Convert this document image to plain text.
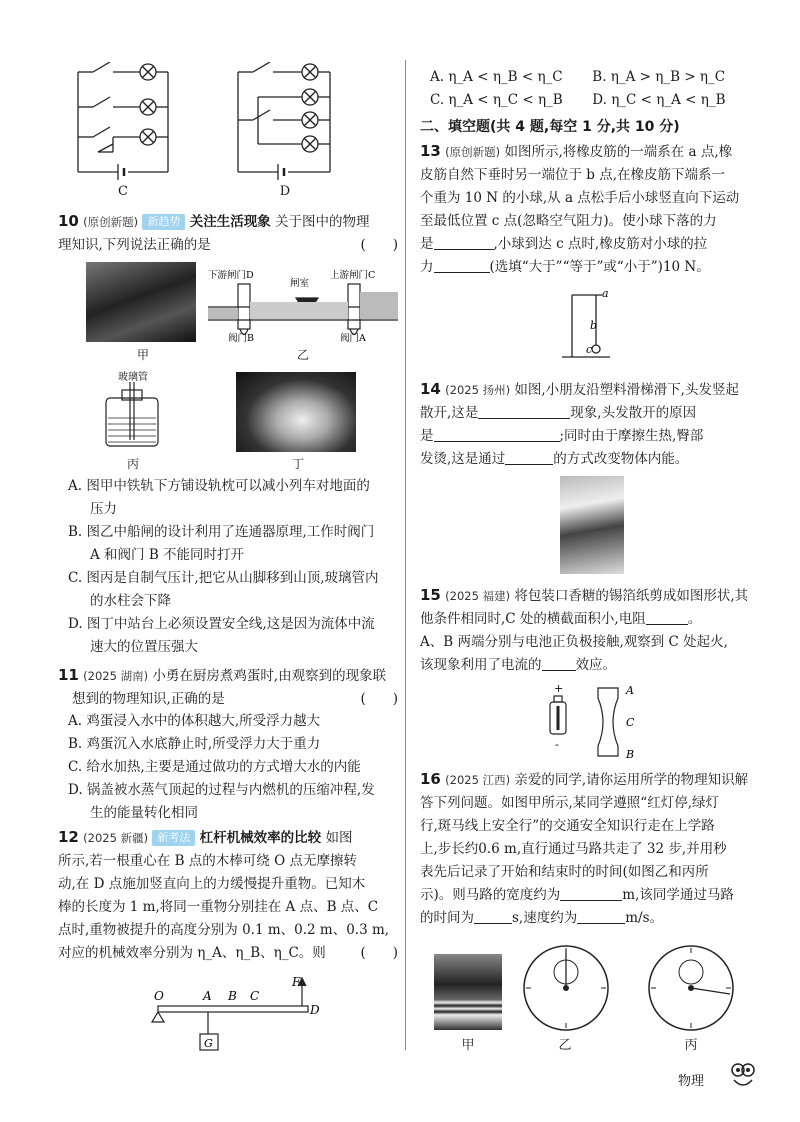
C	D
10 (原创新题) 新趋势 关注生活现象 关于图中的物理
理知识,下列说法正确的是	(　　)
甲
下游闸门D
闸室
上游闸门C
阀门B	阀门A
乙
玻璃管
丙	丁
A. 图甲中铁轨下方铺设轨枕可以减小列车对地面的
压力
B. 图乙中船闸的设计利用了连通器原理,工作时阀门
A 和阀门 B 不能同时打开
C. 图丙是自制气压计,把它从山脚移到山顶,玻璃管内
的水柱会下降
D. 图丁中站台上必须设置安全线,这是因为流体中流
速大的位置压强大
11 (2025 湖南) 小勇在厨房煮鸡蛋时,由观察到的现象联
想到的物理知识,正确的是	(　　)
A. 鸡蛋浸入水中的体积越大,所受浮力越大
B. 鸡蛋沉入水底静止时,所受浮力大于重力
C. 给水加热,主要是通过做功的方式增大水的内能
D. 锅盖被水蒸气顶起的过程与内燃机的压缩冲程,发
生的能量转化相同
12 (2025 新疆) 新考法 杠杆机械效率的比较 如图
所示,若一根重心在 B 点的木棒可绕 O 点无摩擦转
动,在 D 点施加竖直向上的力缓慢提升重物。已知木
棒的长度为 1 m,将同一重物分别挂在 A 点、B 点、C
点时,重物被提升的高度分别为 0.1 m、0.2 m、0.3 m,
对应的机械效率分别为 η_A、η_B、η_C。则	(　　)
O	A B C
D
F
G
A. η_A < η_B < η_C B. η_A > η_B > η_C
C. η_A < η_C < η_B D. η_C < η_A < η_B
二、填空题(共 4 题,每空 1 分,共 10 分)
13 (原创新题) 如图所示,将橡皮筋的一端系在 a 点,橡
皮筋自然下垂时另一端位于 b 点,在橡皮筋下端系一
个重为 10 N 的小球,从 a 点松手后小球竖直向下运动
至最低位置 c 点(忽略空气阻力)。使小球下落的力
是	,小球到达 c 点时,橡皮筋对小球的拉
力	(选填“大于”“等于”或“小于”)10 N。
a
b
c
14 (2025 扬州) 如图,小朋友沿塑料滑梯滑下,头发竖起
散开,这是	现象,头发散开的原因
是	;同时由于摩擦生热,臀部
发烫,这是通过	的方式改变物体内能。
15 (2025 福建) 将包装口香糖的锡箔纸剪成如图形状,其
他条件相同时,C 处的横截面积小,电阻	。
A、B 两端分别与电池正负极接触,观察到 C 处起火,
该现象利用了电流的	效应。
+
-
A
C
B
16 (2025 江西) 亲爱的同学,请你运用所学的物理知识解
答下列问题。如图甲所示,某同学遵照“红灯停,绿灯
行,斑马线上安全行”的交通安全知识行走在上学路
上,步长约0.6 m,直行通过马路共走了 32 步,并用秒
表先后记录了开始和结束时的时间(如图乙和丙所
示)。则马路的宽度约为	m,该同学通过马路
的时间为	s,速度约为	m/s。
甲	乙	丙
物理
